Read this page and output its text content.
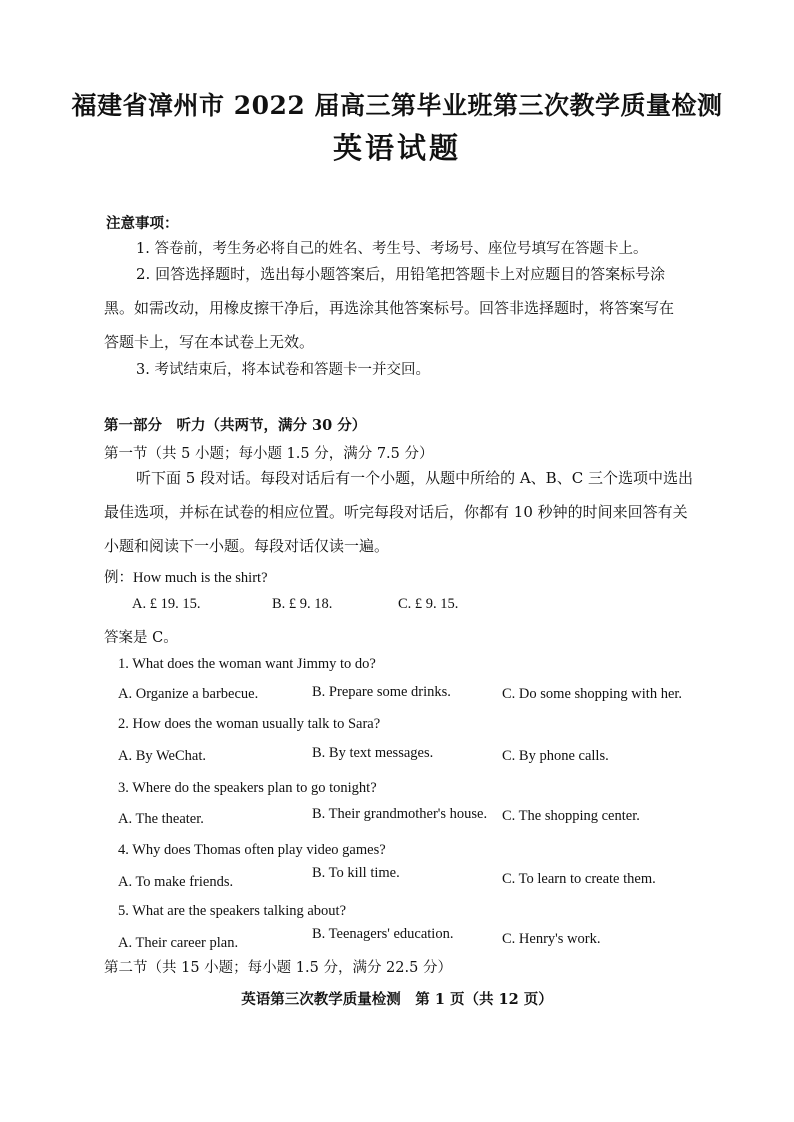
福建省漳州市 2022 届高三第毕业班第三次教学质量检测
英语试题
注意事项：
1. 答卷前，考生务必将自己的姓名、考生号、考场号、座位号填写在答题卡上。
2. 回答选择题时，选出每小题答案后，用铅笔把答题卡上对应题目的答案标号涂黑。如需改动，用橡皮擦干净后，再选涂其他答案标号。回答非选择题时，将答案写在答题卡上，写在本试卷上无效。
3. 考试结束后，将本试卷和答题卡一并交回。
第一部分　听力（共两节，满分 30 分）
第一节（共 5 小题；每小题 1.5 分，满分 7.5 分）
听下面 5 段对话。每段对话后有一个小题，从题中所给的 A、B、C 三个选项中选出最佳选项，并标在试卷的相应位置。听完每段对话后，你都有 10 秒钟的时间来回答有关小题和阅读下一小题。每段对话仅读一遍。
例：How much is the shirt?
A. £ 19. 15.	B. £ 9. 18.	C. £ 9. 15.
答案是 C。
1. What does the woman want Jimmy to do?
A. Organize a barbecue.	B. Prepare some drinks.	C. Do some shopping with her.
2. How does the woman usually talk to Sara?
A. By WeChat.	B. By text messages.	C. By phone calls.
3. Where do the speakers plan to go tonight?
A. The theater.	B. Their grandmother's house. C. The shopping center.
4. Why does Thomas often play video games?
A. To make friends.
B. To kill time.	C. To learn to create them.
5. What are the speakers talking about?
A. Their career plan.
B. Teenagers' education.	C. Henry's work.
第二节（共 15 小题；每小题 1.5 分，满分 22.5 分）
英语第三次教学质量检测　第 1 页（共 12 页）
